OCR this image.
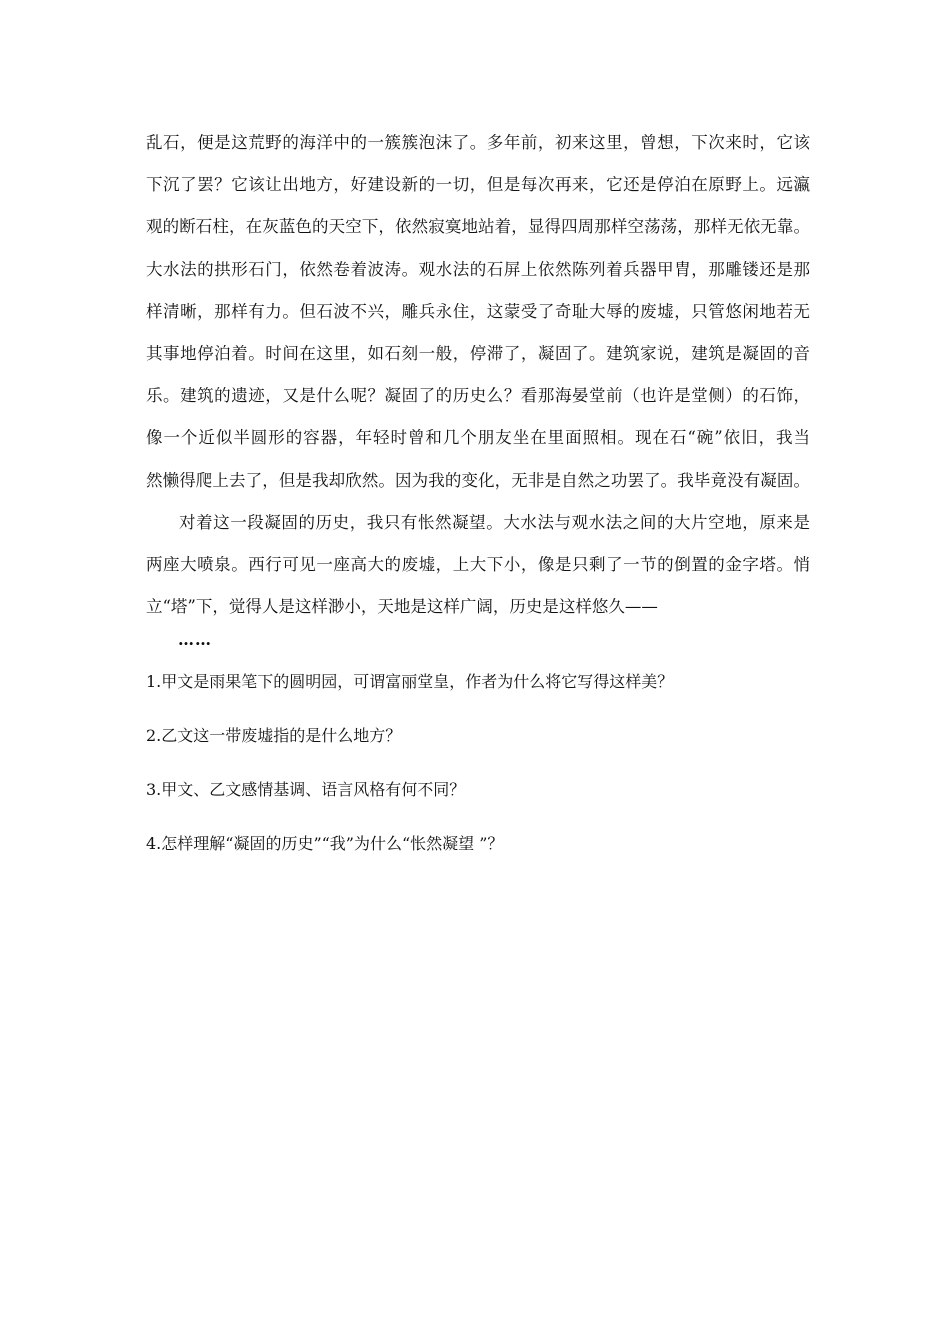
乱石，便是这荒野的海洋中的一簇簇泡沫了。多年前，初来这里，曾想，下次来时，它该

下沉了罢？它该让出地方，好建设新的一切，但是每次再来，它还是停泊在原野上。远瀛

观的断石柱，在灰蓝色的天空下，依然寂寞地站着，显得四周那样空荡荡，那样无依无靠。

大水法的拱形石门，依然卷着波涛。观水法的石屏上依然陈列着兵器甲胄，那雕镂还是那

样清晰，那样有力。但石波不兴，雕兵永住，这蒙受了奇耻大辱的废墟，只管悠闲地若无

其事地停泊着。时间在这里，如石刻一般，停滞了，凝固了。建筑家说，建筑是凝固的音

乐。建筑的遗迹，又是什么呢？凝固了的历史么？看那海晏堂前（也许是堂侧）的石饰，

像一个近似半圆形的容器，年轻时曾和几个朋友坐在里面照相。现在石“碗”依旧，我当

然懒得爬上去了，但是我却欣然。因为我的变化，无非是自然之功罢了。我毕竟没有凝固。

对着这一段凝固的历史，我只有怅然凝望。大水法与观水法之间的大片空地，原来是

两座大喷泉。西行可见一座高大的废墟，上大下小，像是只剩了一节的倒置的金字塔。悄

立“塔”下，觉得人是这样渺小，天地是这样广阔，历史是这样悠久——

……

1.甲文是雨果笔下的圆明园，可谓富丽堂皇，作者为什么将它写得这样美？

2.乙文这一带废墟指的是什么地方？

3.甲文、乙文感情基调、语言风格有何不同？

4.怎样理解“凝固的历史”“我”为什么“怅然凝望 ”？
